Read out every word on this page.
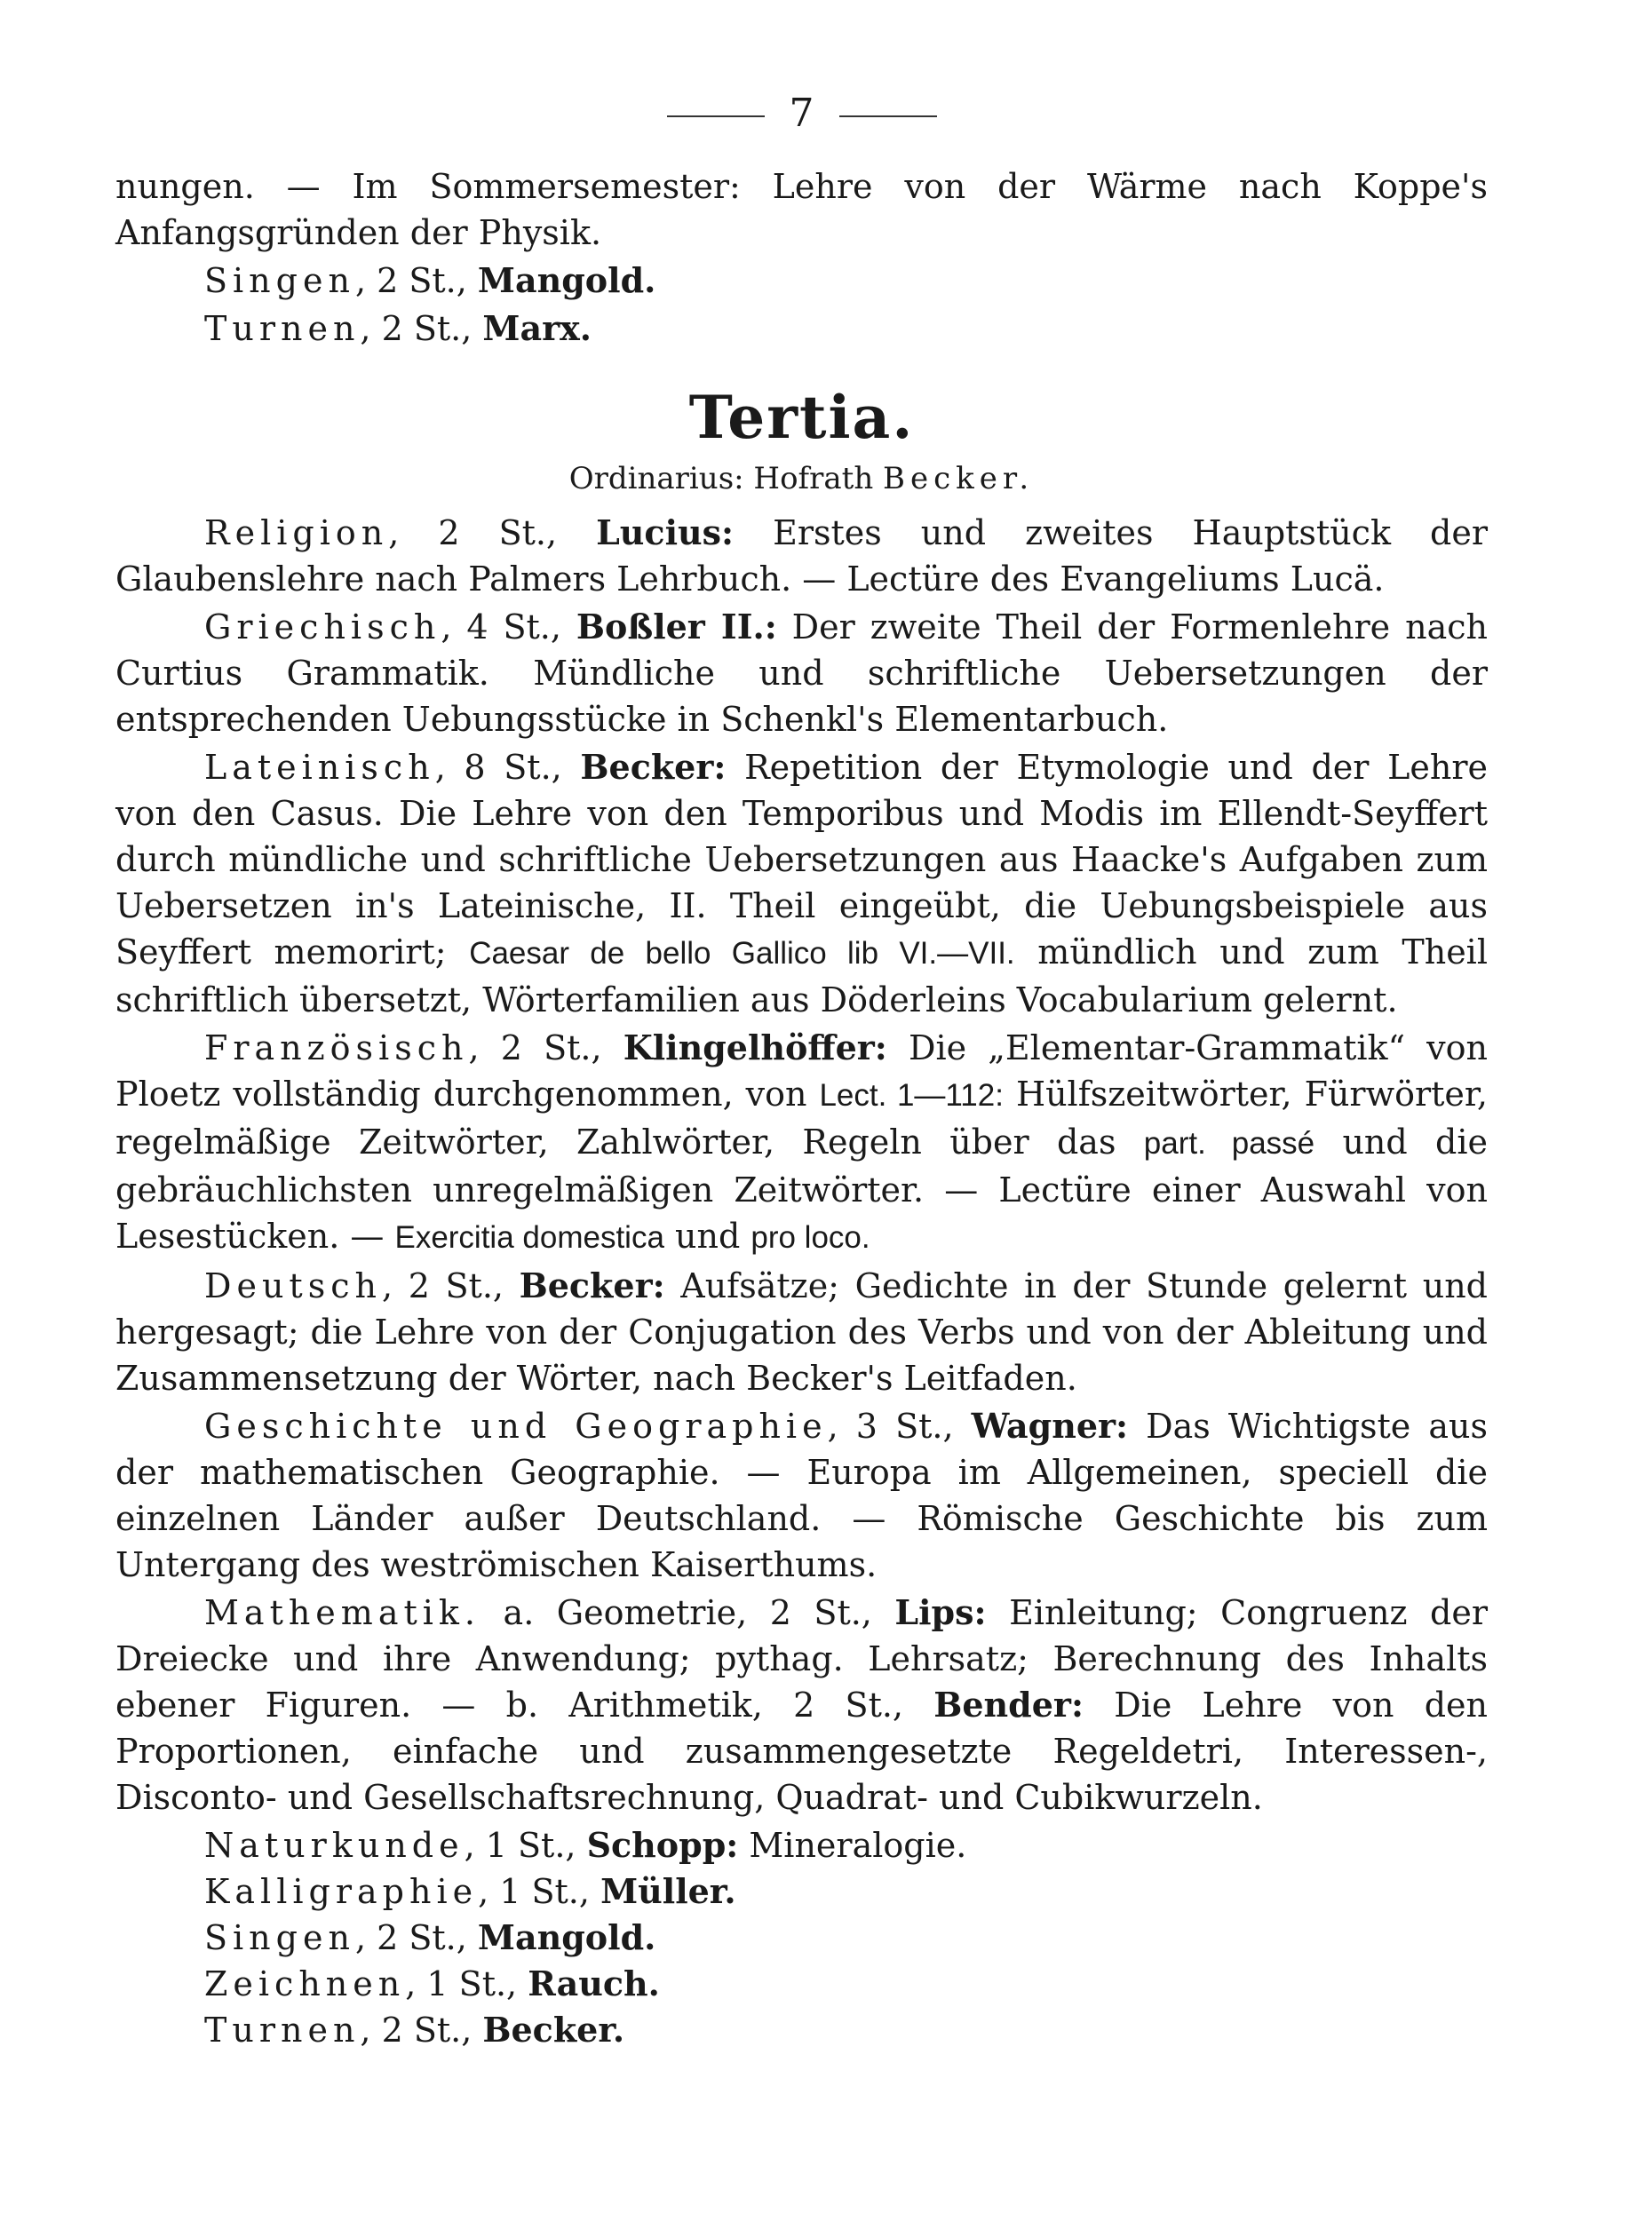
7

nungen. — Im Sommersemester: Lehre von der Wärme nach Koppe's Anfangsgründen der Physik.

Singen, 2 St., Mangold.

Turnen, 2 St., Marx.

Tertia.
Ordinarius: Hofrath Becker.

Religion, 2 St., Lucius: Erstes und zweites Hauptstück der Glaubenslehre nach Palmers Lehrbuch. — Lectüre des Evangeliums Lucä.

Griechisch, 4 St., Boßler II.: Der zweite Theil der Formenlehre nach Curtius Grammatik. Mündliche und schriftliche Uebersetzungen der entsprechenden Uebungsstücke in Schenkl's Elementarbuch.

Lateinisch, 8 St., Becker: Repetition der Etymologie und der Lehre von den Casus. Die Lehre von den Temporibus und Modis im Ellendt-Seyffert durch mündliche und schriftliche Uebersetzungen aus Haacke's Aufgaben zum Uebersetzen in's Lateinische, II. Theil eingeübt, die Uebungsbeispiele aus Seyffert memorirt; Caesar de bello Gallico lib VI.—VII. mündlich und zum Theil schriftlich übersetzt, Wörterfamilien aus Döderleins Vocabularium gelernt.

Französisch, 2 St., Klingelhöffer: Die „Elementar-Grammatik“ von Ploetz vollständig durchgenommen, von Lect. 1—112: Hülfszeitwörter, Fürwörter, regelmäßige Zeitwörter, Zahlwörter, Regeln über das part. passé und die gebräuchlichsten unregelmäßigen Zeitwörter. — Lectüre einer Auswahl von Lesestücken. — Exercitia domestica und pro loco.

Deutsch, 2 St., Becker: Aufsätze; Gedichte in der Stunde gelernt und hergesagt; die Lehre von der Conjugation des Verbs und von der Ableitung und Zusammensetzung der Wörter, nach Becker's Leitfaden.

Geschichte und Geographie, 3 St., Wagner: Das Wichtigste aus der mathematischen Geographie. — Europa im Allgemeinen, speciell die einzelnen Länder außer Deutschland. — Römische Geschichte bis zum Untergang des weströmischen Kaiserthums.

Mathematik. a. Geometrie, 2 St., Lips: Einleitung; Congruenz der Dreiecke und ihre Anwendung; pythag. Lehrsatz; Berechnung des Inhalts ebener Figuren. — b. Arithmetik, 2 St., Bender: Die Lehre von den Proportionen, einfache und zusammengesetzte Regeldetri, Interessen-, Disconto- und Gesellschaftsrechnung, Quadrat- und Cubikwurzeln.

Naturkunde, 1 St., Schopp: Mineralogie.

Kalligraphie, 1 St., Müller.

Singen, 2 St., Mangold.

Zeichnen, 1 St., Rauch.

Turnen, 2 St., Becker.
